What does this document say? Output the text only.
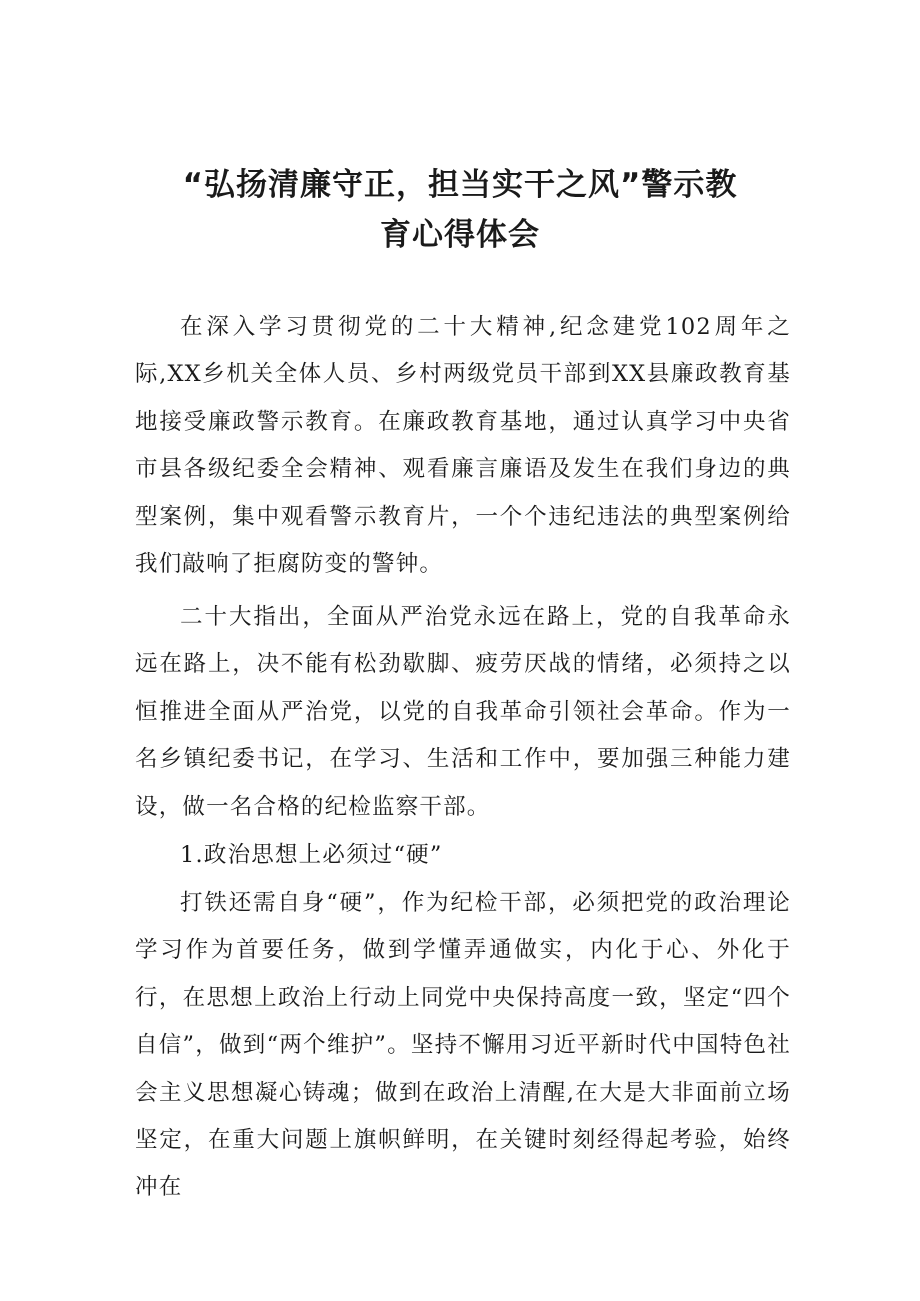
“弘扬清廉守正，担当实干之风”警示教
育心得体会

在深入学习贯彻党的二十大精神,纪念建党102周年之际,XX乡机关全体人员、乡村两级党员干部到XX县廉政教育基地接受廉政警示教育。在廉政教育基地，通过认真学习中央省市县各级纪委全会精神、观看廉言廉语及发生在我们身边的典型案例，集中观看警示教育片，一个个违纪违法的典型案例给我们敲响了拒腐防变的警钟。

二十大指出，全面从严治党永远在路上，党的自我革命永远在路上，决不能有松劲歇脚、疲劳厌战的情绪，必须持之以恒推进全面从严治党，以党的自我革命引领社会革命。作为一名乡镇纪委书记，在学习、生活和工作中，要加强三种能力建设，做一名合格的纪检监察干部。

1.政治思想上必须过“硬”

打铁还需自身“硬”，作为纪检干部，必须把党的政治理论学习作为首要任务，做到学懂弄通做实，内化于心、外化于行，在思想上政治上行动上同党中央保持高度一致，坚定“四个自信”，做到“两个维护”。坚持不懈用习近平新时代中国特色社会主义思想凝心铸魂；做到在政治上清醒,在大是大非面前立场坚定，在重大问题上旗帜鲜明，在关键时刻经得起考验，始终冲在
